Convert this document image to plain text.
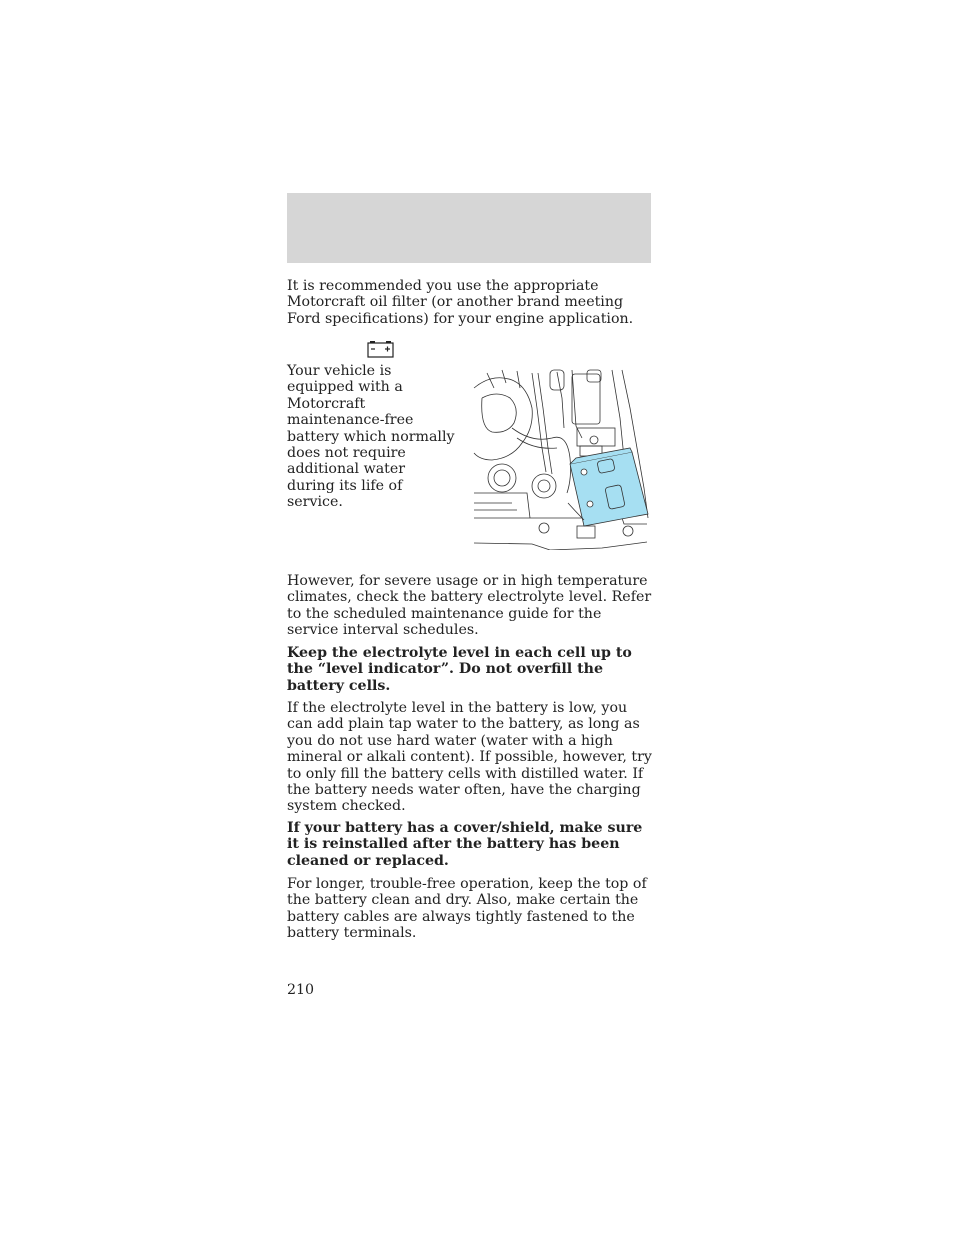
It is recommended you use the appropriate Motorcraft oil filter (or another brand meeting Ford specifications) for your engine application.

Your vehicle is equipped with a Motorcraft maintenance-free battery which normally does not require additional water during its life of service.

However, for severe usage or in high temperature climates, check the battery electrolyte level. Refer to the scheduled maintenance guide for the service interval schedules.

Keep the electrolyte level in each cell up to the “level indicator”. Do not overfill the battery cells.

If the electrolyte level in the battery is low, you can add plain tap water to the battery, as long as you do not use hard water (water with a high mineral or alkali content). If possible, however, try to only fill the battery cells with distilled water. If the battery needs water often, have the charging system checked.

If your battery has a cover/shield, make sure it is reinstalled after the battery has been cleaned or replaced.

For longer, trouble-free operation, keep the top of the battery clean and dry. Also, make certain the battery cables are always tightly fastened to the battery terminals.

210
